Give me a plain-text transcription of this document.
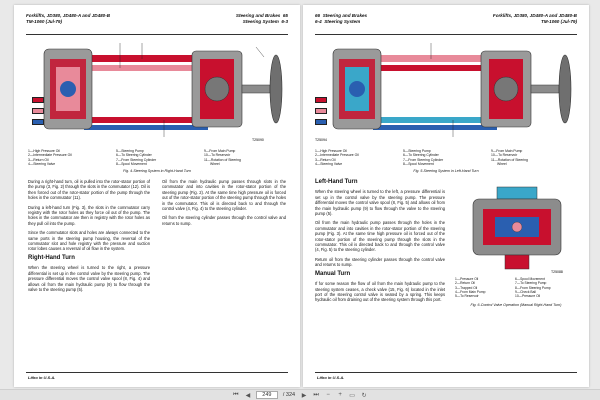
Forklifts, JD380, JD480-A and JD480-B	Steering and Brakes 65
TM-1060 (Jul-79)	Steering System 6-3
T25090
1—High Pressure Oil	5—Steering Pump	9—From Main Pump
2—Intermediate Pressure Oil	6—To Steering Cylinder	10—To Reservoir
3—Return Oil	7—From Steering Cylinder	11—Rotation of Steering
4—Steering Valve	8—Spool Movement	Wheel
Fig. 4-Steering System in Right-Hand Turn

During a right-hand turn, oil is pulled into the rotor-stator portion of the pump (3, Fig. 2) through the slots in the commutator (12). Oil is then forced out of the rotor-stator portion of the pump through the holes in the commutator (11).

During a left-hand turn (Fig. 3), the slots in the commutator carry registry with the rotor holes as they force oil out of the pump. The holes in the commutator are then in registry with the rotor holes as they pull oil into the pump.

Since the commutator slots and holes are always connected to the same ports in the steering pump housing, the reversal of the commutator slot and hole registry with the pressure and suction rotor lobes causes a reversal of oil flow in the system.

Right-Hand Turn

When the steering wheel is turned to the right, a pressure differential is set up in the control valve by the steering pump. The pressure differential moves the control valve spool (8, Fig. 4) and allows oil from the main hydraulic pump (9) to flow through the valve to the steering pump (5).

Oil from the main hydraulic pump passes through slots in the commutator and into cavities in the rotor-stator portion of the steering pump (Fig. 2). At the same time high pressure oil is forced out of the rotor-stator portion of the steering pump through the holes in the commutator. This oil is directed back to and through the control valve (4, Fig. 4) to the steering cylinder.

Oil from the steering cylinder passes through the control valve and returns to sump.

Litho in U.S.A.
66 Steering and Brakes	Forklifts, JD380, JD480-A and JD480-B
6-4 Steering System	TM-1060 (Jul-79)
T25094
1—High Pressure Oil	5—Steering Pump	9—From Main Pump
2—Intermediate Pressure Oil	6—To Steering Cylinder	10—To Reservoir
3—Return Oil	7—From Steering Cylinder	11—Rotation of Steering
4—Steering Valve	8—Spool Movement	Wheel
Fig. 5-Steering System in Left-Hand Turn
Left-Hand Turn

When the steering wheel is turned to the left, a pressure differential is set up in the control valve by the steering pump. The pressure differential moves the control valve spool (8, Fig. 5) and allows oil from the main hydraulic pump (9) to flow through the valve to the steering pump (5).

Oil from the main hydraulic pump passes through the holes in the commutator and into cavities in the rotor-stator portion of the steering pump (Fig. 3). At the same time high pressure oil is forced out of the rotor-stator portion of the steering pump through the slots in the commutator. This oil is directed back to and through the control valve (4, Fig. 5) to the steering cylinder.

Return oil from the steering cylinder passes through the control valve and returns to sump.

Manual Turn

If for some reason the flow of oil from the main hydraulic pump to the steering system ceases, a check valve (15, Fig. 6) located in the inlet port of the steering control valve is seated by a spring. This keeps hydraulic oil from draining out of the steering system through this port.

T25088
1—Pressure Oil	6—Spool Movement
2—Return Oil	7—To Steering Pump
3—Trapped Oil	8—From Steering Pump
4—From Main Pump	9—Check Ball
5—To Reservoir	10—Pressure Oil
Fig. 6-Control Valve Operation (Manual Right-Hand Turn)
Litho in U.S.A.
⏮	◀	249	/ 324	▶	⏭	−	+	▭	↻
